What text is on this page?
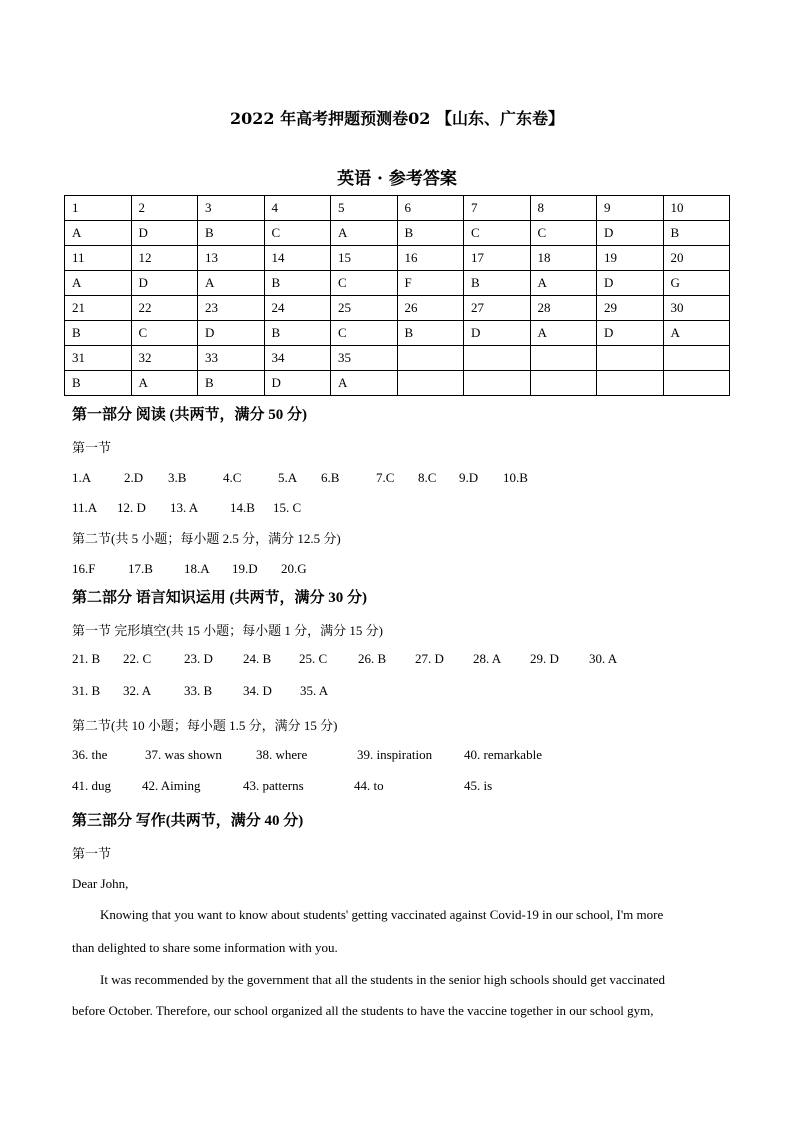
2022 年高考押题预测卷02 【山东、广东卷】
英语 · 参考答案
1	2	3	4	5	6	7	8	9	10
A	D	B	C	A	B	C	C	D	B
11	12	13	14	15	16	17	18	19	20
A	D	A	B	C	F	B	A	D	G
21	22	23	24	25	26	27	28	29	30
B	C	D	B	C	B	D	A	D	A
31	32	33	34	35					
B	A	B	D	A					
第一部分 阅读 (共两节，满分 50 分)
第一节
1.A	2.D 3.B	4.C	5.A 6.B	7.C 8.C 9.D 10.B
11.A 12. D 13. A 14.B 15. C
第二节(共 5 小题；每小题 2.5 分，满分 12.5 分)
16.F	17.B 18.A 19.D 20.G
第二部分 语言知识运用 (共两节，满分 30 分)
第一节 完形填空(共 15 小题；每小题 1 分，满分 15 分)
21. B 22. C	23. D 24. B 25. C 26. B 27. D 28. A 29. D 30. A
31. B 32. A	33. B 34. D 35. A
第二节(共 10 小题；每小题 1.5 分，满分 15 分)
36. the	37. was shown	38. where	39. inspiration 40. remarkable
41. dug 42. Aiming	43. patterns	44. to	45. is
第三部分 写作(共两节，满分 40 分)
第一节
Dear John,
Knowing that you want to know about students' getting vaccinated against Covid-19 in our school, I'm more
than delighted to share some information with you.
It was recommended by the government that all the students in the senior high schools should get vaccinated
before October. Therefore, our school organized all the students to have the vaccine together in our school gym,
